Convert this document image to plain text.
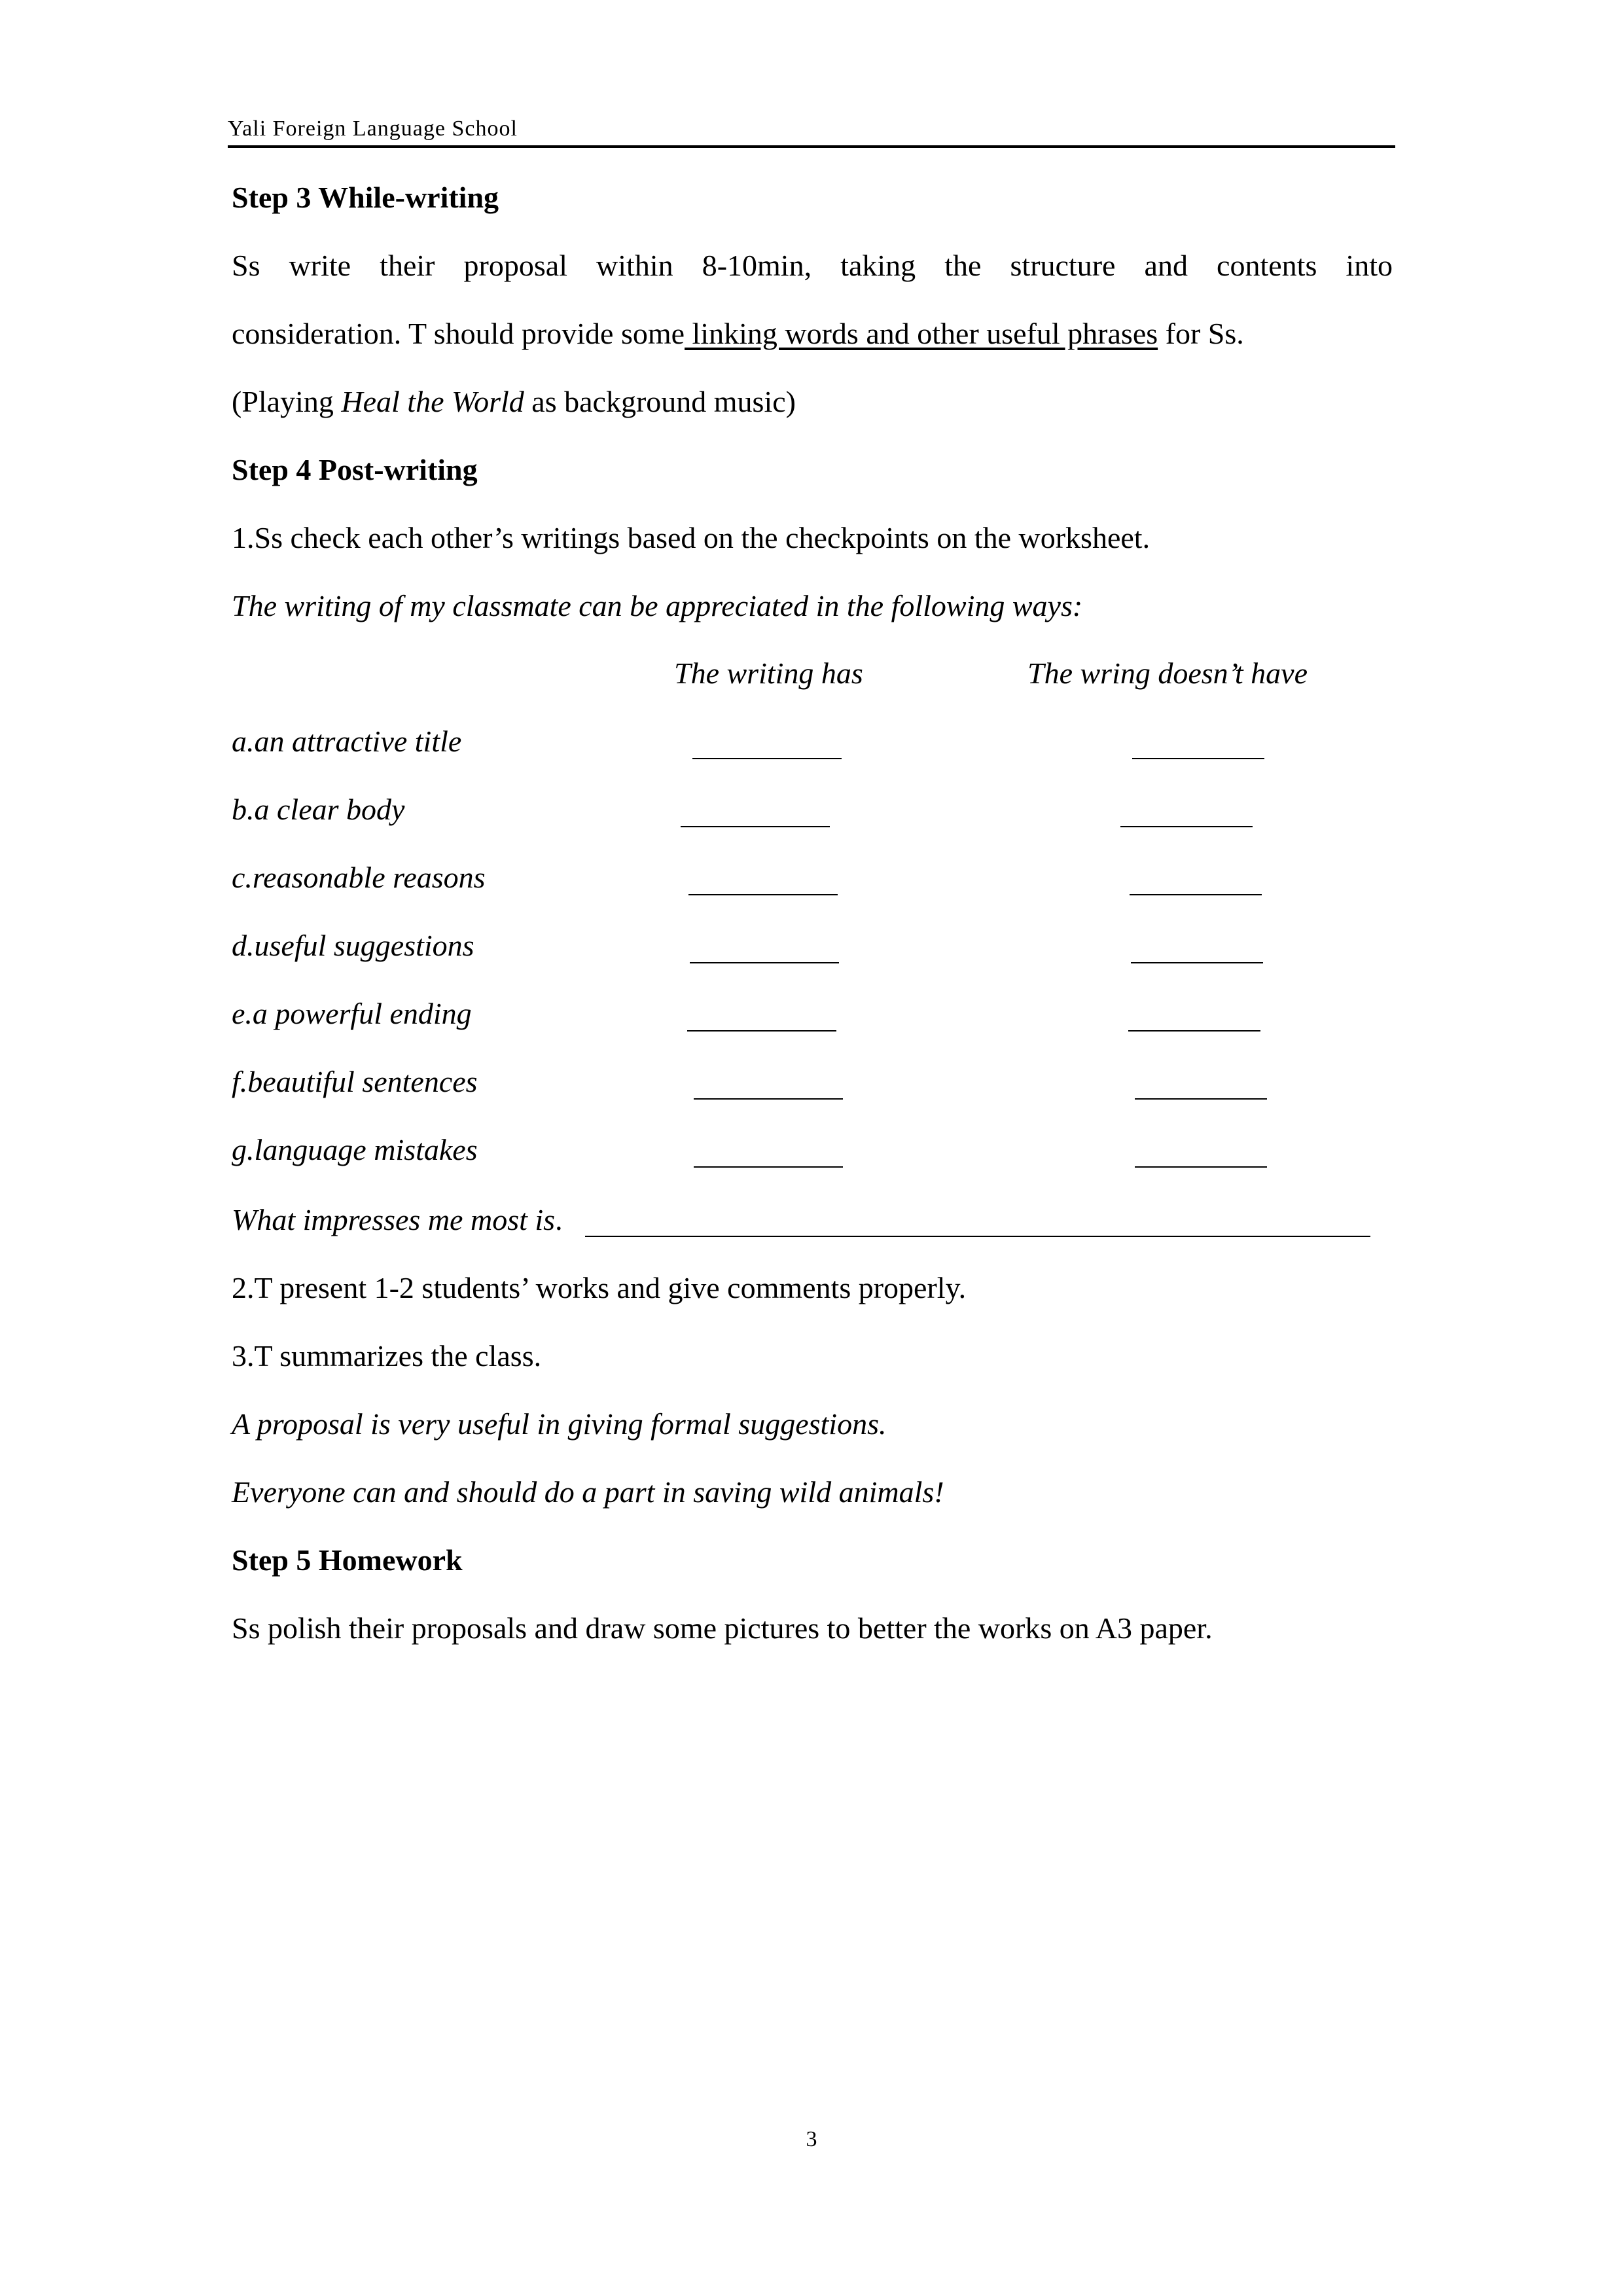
Yali Foreign Language School
Step 3 While-writing
Ss write their proposal within 8-10min, taking the structure and contents into
consideration. T should provide some linking words and other useful phrases for Ss.
(Playing Heal the World as background music)
Step 4 Post-writing
1.Ss check each other’s writings based on the checkpoints on the worksheet.
The writing of my classmate can be appreciated in the following ways:
The writing has	The wring doesn’t have
a.an attractive title
b.a clear body
c.reasonable reasons
d.useful suggestions
e.a powerful ending
f.beautiful sentences
g.language mistakes
What impresses me most is.
2.T present 1-2 students’ works and give comments properly.
3.T summarizes the class.
A proposal is very useful in giving formal suggestions.
Everyone can and should do a part in saving wild animals!
Step 5 Homework
Ss polish their proposals and draw some pictures to better the works on A3 paper.
3
